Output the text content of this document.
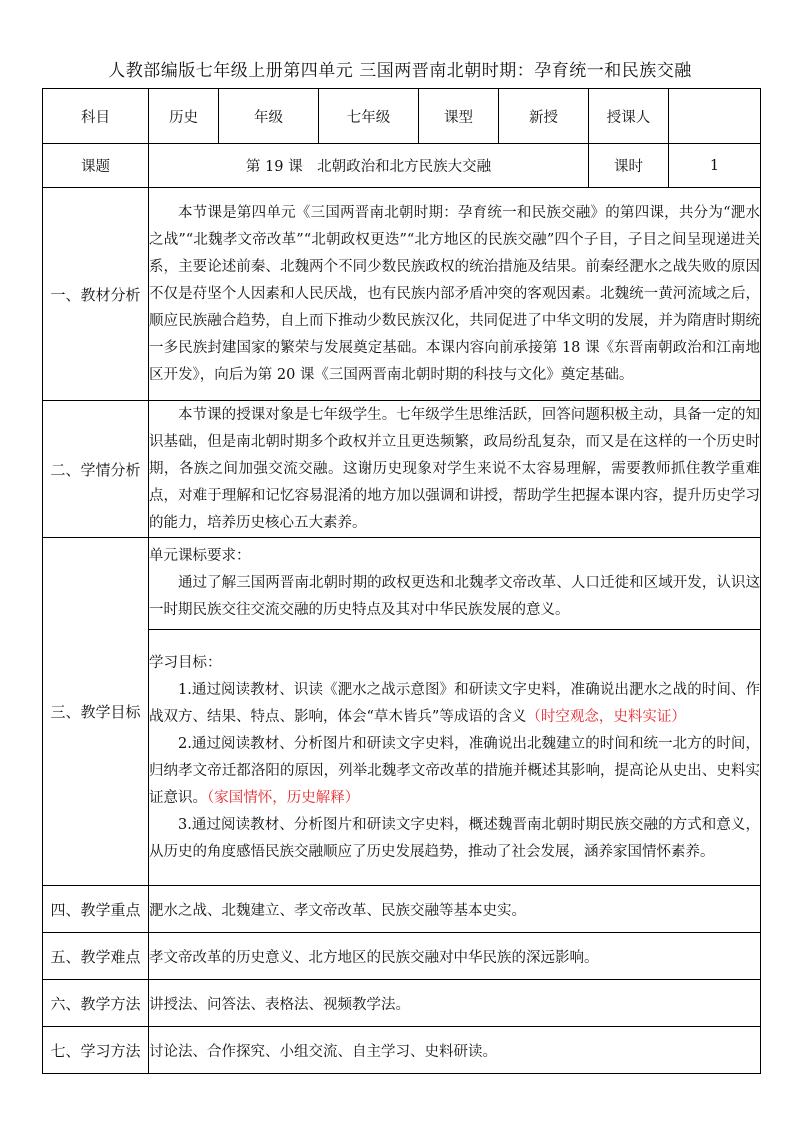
人教部编版七年级上册第四单元 三国两晋南北朝时期：孕育统一和民族交融
科目	历史	年级	七年级	课型	新授	授课人	
课题	第 19 课　北朝政治和北方民族大交融					课时	1
一、教材分析	本节课是第四单元《三国两晋南北朝时期：孕育统一和民族交融》的第四课，共分为“淝水之战”“北魏孝文帝改革”“北朝政权更迭”“北方地区的民族交融”四个子目，子目之间呈现递进关系，主要论述前秦、北魏两个不同少数民族政权的统治措施及结果。前秦经淝水之战失败的原因不仅是苻坚个人因素和人民厌战，也有民族内部矛盾冲突的客观因素。北魏统一黄河流域之后，顺应民族融合趋势，自上而下推动少数民族汉化，共同促进了中华文明的发展，并为隋唐时期统一多民族封建国家的繁荣与发展奠定基础。本课内容向前承接第 18 课《东晋南朝政治和江南地区开发》，向后为第 20 课《三国两晋南北朝时期的科技与文化》奠定基础。						

二、学情分析	本节课的授课对象是七年级学生。七年级学生思维活跃，回答问题积极主动，具备一定的知识基础，但是南北朝时期多个政权并立且更迭频繁，政局纷乱复杂，而又是在这样的一个历史时期，各族之间加强交流交融。这谢历史现象对学生来说不太容易理解，需要教师抓住教学重难点，对难于理解和记忆容易混淆的地方加以强调和讲授，帮助学生把握本课内容，提升历史学习的能力，培养历史核心五大素养。						

三、教学目标	单元课标要求：

通过了解三国两晋南北朝时期的政权更迭和北魏孝文帝改革、人口迁徙和区域开发，认识这一时期民族交往交流交融的历史特点及其对中华民族发展的意义。						

	学习目标：

1.通过阅读教材、识读《淝水之战示意图》和研读文字史料，准确说出淝水之战的时间、作战双方、结果、特点、影响，体会“草木皆兵”等成语的含义（时空观念，史料实证）

2.通过阅读教材、分析图片和研读文字史料，准确说出北魏建立的时间和统一北方的时间，归纳孝文帝迁都洛阳的原因，列举北魏孝文帝改革的措施并概述其影响，提高论从史出、史料实证意识。（家国情怀，历史解释）

3.通过阅读教材、分析图片和研读文字史料，概述魏晋南北朝时期民族交融的方式和意义，从历史的角度感悟民族交融顺应了历史发展趋势，推动了社会发展，涵养家国情怀素养。						

四、教学重点	淝水之战、北魏建立、孝文帝改革、民族交融等基本史实。						
五、教学难点	孝文帝改革的历史意义、北方地区的民族交融对中华民族的深远影响。						
六、教学方法	讲授法、问答法、表格法、视频教学法。						
七、学习方法	讨论法、合作探究、小组交流、自主学习、史料研读。						
